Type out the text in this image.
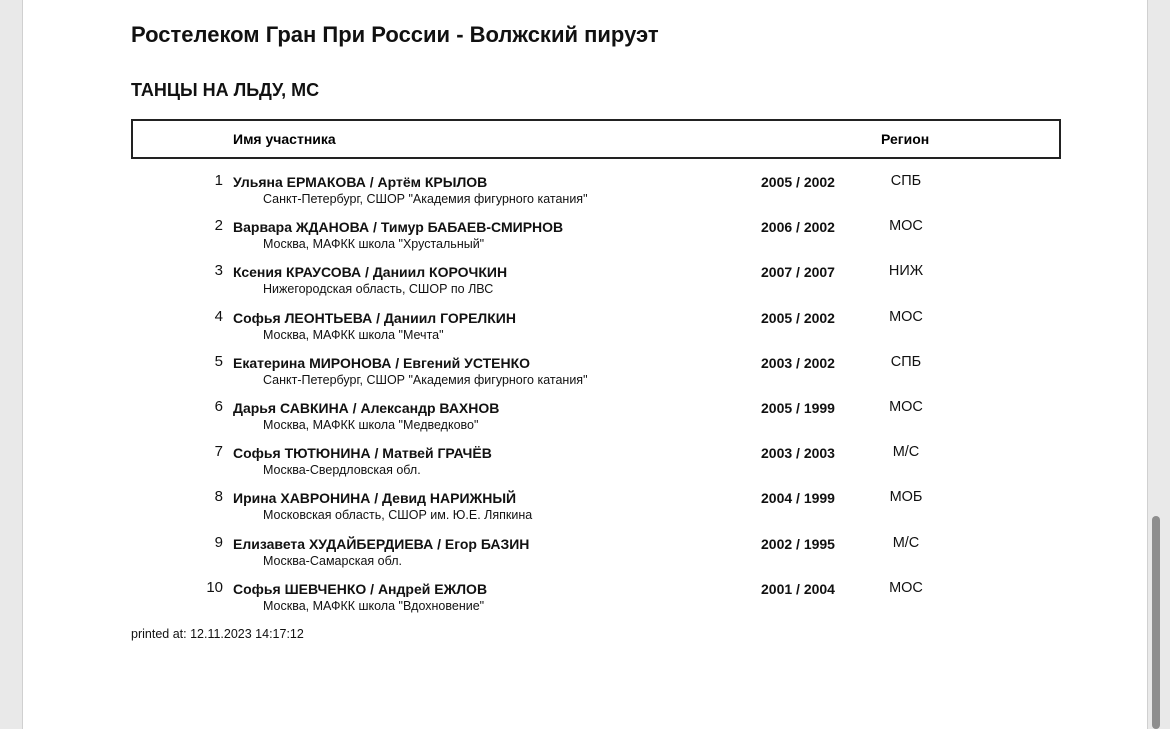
Ростелеком Гран При России - Волжский пируэт
ТАНЦЫ НА ЛЬДУ, МС
Имя участника	Регион
1 Ульяна ЕРМАКОВА / Артём КРЫЛОВ
Санкт-Петербург, СШОР "Академия фигурного катания"
2005 / 2002	СПБ
2 Варвара ЖДАНОВА / Тимур БАБАЕВ-СМИРНОВ
Москва, МАФКК школа "Хрустальный"
2006 / 2002	МОС
3 Ксения КРАУСОВА / Даниил КОРОЧКИН
Нижегородская область, СШОР по ЛВС
2007 / 2007	НИЖ
4 Софья ЛЕОНТЬЕВА / Даниил ГОРЕЛКИН
Москва, МАФКК школа "Мечта"
2005 / 2002	МОС
5 Екатерина МИРОНОВА / Евгений УСТЕНКО
Санкт-Петербург, СШОР "Академия фигурного катания"
2003 / 2002	СПБ
6 Дарья САВКИНА / Александр ВАХНОВ
Москва, МАФКК школа "Медведково"
2005 / 1999	МОС
7 Софья ТЮТЮНИНА / Матвей ГРАЧЁВ
Москва-Свердловская обл.
2003 / 2003	М/С
8 Ирина ХАВРОНИНА / Девид НАРИЖНЫЙ
Московская область, СШОР им. Ю.Е. Ляпкина
2004 / 1999	МОБ
9 Елизавета ХУДАЙБЕРДИЕВА / Егор БАЗИН
Москва-Самарская обл.
2002 / 1995	М/С
10 Софья ШЕВЧЕНКО / Андрей ЕЖЛОВ
Москва, МАФКК школа "Вдохновение"
2001 / 2004	МОС
printed at: 12.11.2023 14:17:12
